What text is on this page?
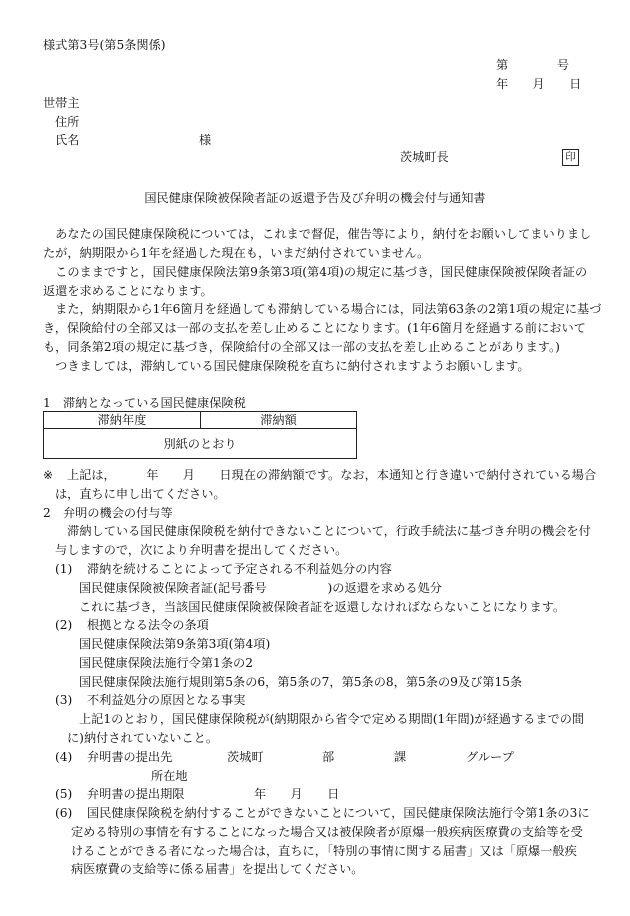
様式第3号(第5条関係)
第　　　　号
年　　月　　日
世帯主
住所
氏名	様
茨城町長	印
国民健康保険被保険者証の返還予告及び弁明の機会付与通知書
　あなたの国民健康保険税については，これまで督促，催告等により，納付をお願いしてまいりまし
たが，納期限から1年を経過した現在も，いまだ納付されていません。
　このままですと，国民健康保険法第9条第3項(第4項)の規定に基づき，国民健康保険被保険者証の
返還を求めることになります。
　また，納期限から1年6箇月を経過しても滞納している場合には，同法第63条の2第1項の規定に基づ
き，保険給付の全部又は一部の支払を差し止めることになります。(1年6箇月を経過する前において
も，同条第2項の規定に基づき，保険給付の全部又は一部の支払を差し止めることがあります。)
　つきましては，滞納している国民健康保険税を直ちに納付されますようお願いします。
1　滞納となっている国民健康保険税
滞納年度	滞納額
別紙のとおり
※ 上記は，　　　年　　月　　日現在の滞納額です。なお，本通知と行き違いで納付されている場合
は，直ちに申し出てください。
2　弁明の機会の付与等
　滞納している国民健康保険税を納付できないことについて，行政手続法に基づき弁明の機会を付
与しますので，次により弁明書を提出してください。
(1) 滞納を続けることによって予定される不利益処分の内容
国民健康保険被保険者証(記号番号　　　　　)の返還を求める処分
これに基づき，当該国民健康保険被保険者証を返還しなければならないことになります。
(2) 根拠となる法令の条項
国民健康保険法第9条第3項(第4項)
国民健康保険法施行令第1条の2
国民健康保険法施行規則第5条の6，第5条の7，第5条の8，第5条の9及び第15条
(3) 不利益処分の原因となる事実
上記1のとおり，国民健康保険税が(納期限から省令で定める期間(1年間)が経過するまでの間
に)納付されていないこと。
(4) 弁明書の提出先	茨城町	部	課	グループ
所在地
(5) 弁明書の提出期限	年　　月　　日
(6) 国民健康保険税を納付することができないことについて，国民健康保険法施行令第1条の3に
定める特別の事情を有することになった場合又は被保険者が原爆一般疾病医療費の支給等を受
けることができる者になった場合は，直ちに，「特別の事情に関する届書」又は「原爆一般疾
病医療費の支給等に係る届書」を提出してください。
